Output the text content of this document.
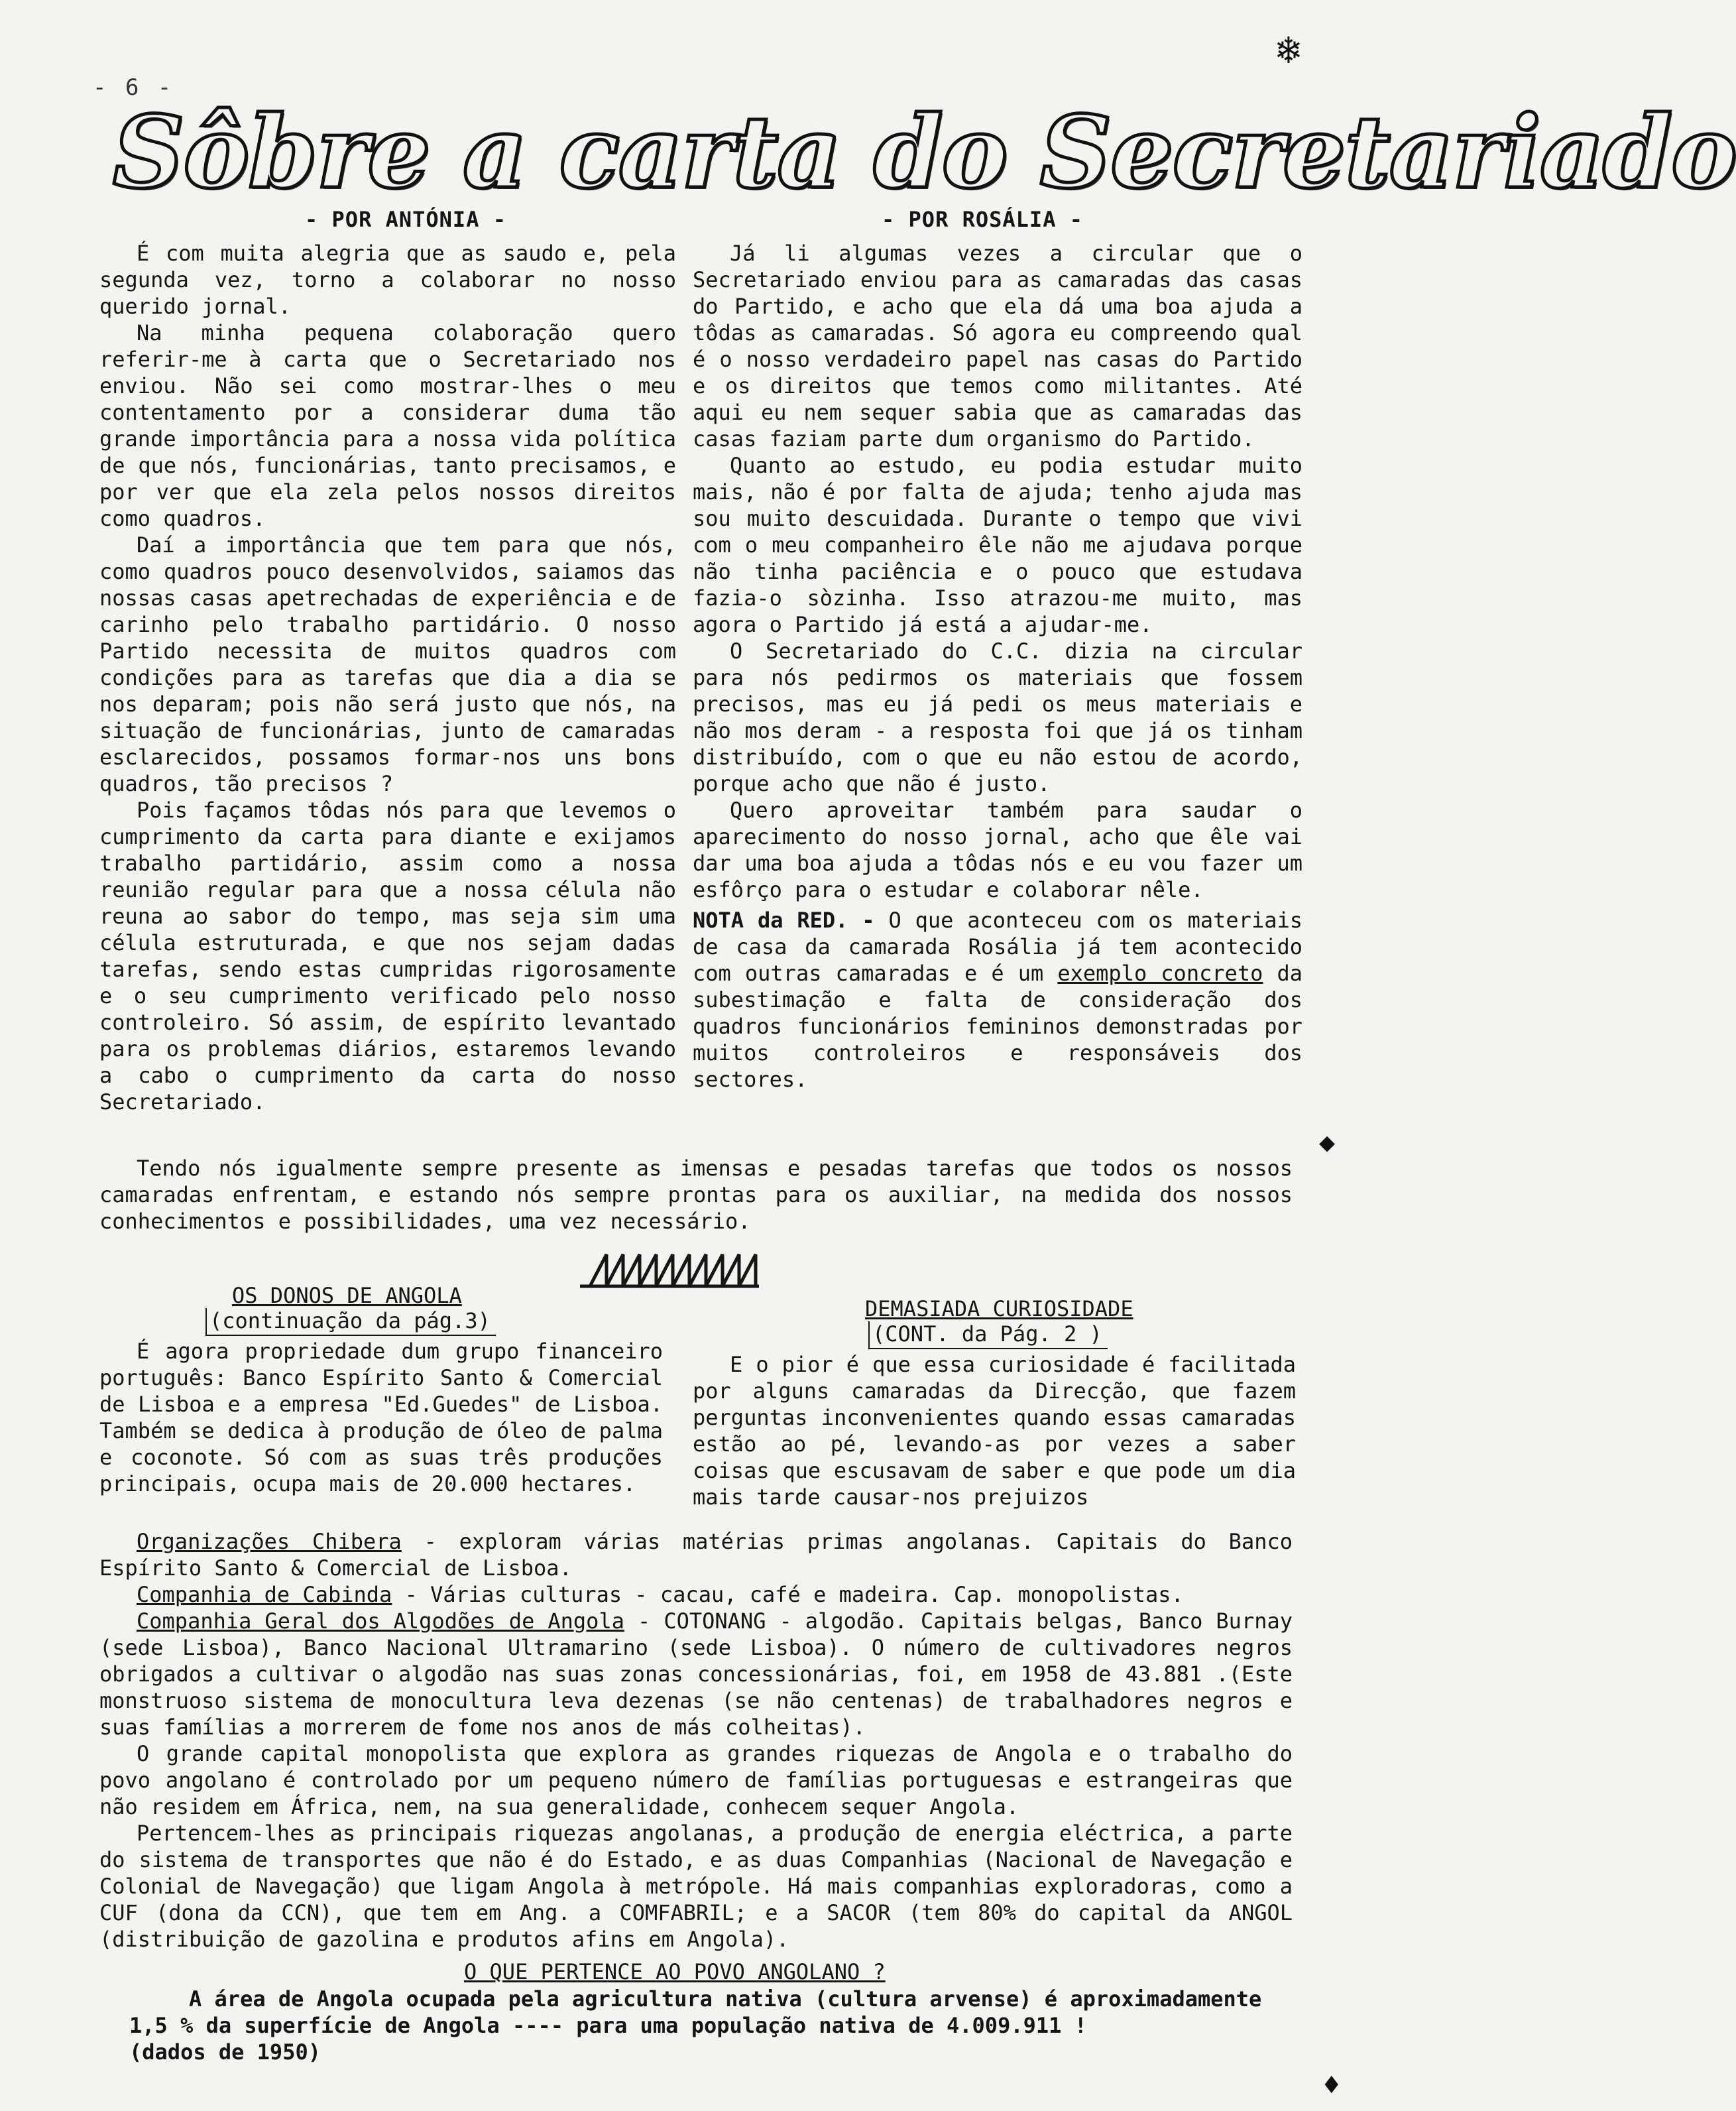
- 6 -
❄
♦
◆
Sôbre a carta do Secretariado
- POR ANTÓNIA -	- POR ROSÁLIA -

É com muita alegria que as saudo e, pela segunda vez, torno a colaborar no nosso querido jornal.

Na minha pequena colaboração quero referir-me à carta que o Secretariado nos enviou. Não sei como mostrar-lhes o meu contentamento por a considerar duma tão grande importância para a nossa vida política de que nós, funcionárias, tanto precisamos, e por ver que ela zela pelos nossos direitos como quadros.

Daí a importância que tem para que nós, como quadros pouco desenvolvidos, saiamos das nossas casas apetrechadas de experiência e de carinho pelo trabalho partidário. O nosso Partido necessita de muitos quadros com condições para as tarefas que dia a dia se nos deparam; pois não será justo que nós, na situação de funcionárias, junto de camaradas esclarecidos, possamos formar-nos uns bons quadros, tão precisos ?

Pois façamos tôdas nós para que levemos o cumprimento da carta para diante e exijamos trabalho partidário, assim como a nossa reunião regular para que a nossa célula não reuna ao sabor do tempo, mas seja sim uma célula estruturada, e que nos sejam dadas tarefas, sendo estas cumpridas rigorosamente e o seu cumprimento verificado pelo nosso controleiro. Só assim, de espírito levantado para os problemas diários, estaremos levando a cabo o cumprimento da carta do nosso Secretariado.

Já li algumas vezes a circular que o Secretariado enviou para as camaradas das casas do Partido, e acho que ela dá uma boa ajuda a tôdas as camaradas. Só agora eu compreendo qual é o nosso verdadeiro papel nas casas do Partido e os direitos que temos como militantes. Até aqui eu nem sequer sabia que as camaradas das casas faziam parte dum organismo do Partido.

Quanto ao estudo, eu podia estudar muito mais, não é por falta de ajuda; tenho ajuda mas sou muito descuidada. Durante o tempo que vivi com o meu companheiro êle não me ajudava porque não tinha paciência e o pouco que estudava fazia-o sòzinha. Isso atrazou-me muito, mas agora o Partido já está a ajudar-me.

O Secretariado do C.C. dizia na circular para nós pedirmos os materiais que fossem precisos, mas eu já pedi os meus materiais e não mos deram - a resposta foi que já os tinham distribuído, com o que eu não estou de acordo, porque acho que não é justo.

Quero aproveitar também para saudar o aparecimento do nosso jornal, acho que êle vai dar uma boa ajuda a tôdas nós e eu vou fazer um esfôrço para o estudar e colaborar nêle.

NOTA da RED. - O que aconteceu com os materiais de casa da camarada Rosália já tem acontecido com outras camaradas e é um exemplo concreto da subestimação e falta de consideração dos quadros funcionários femininos demonstradas por muitos controleiros e responsáveis dos sectores.

Tendo nós igualmente sempre presente as imensas e pesadas tarefas que todos os nossos camaradas enfrentam, e estando nós sempre prontas para os auxiliar, na medida dos nossos conhecimentos e possibilidades, uma vez necessário.

OS DONOS DE ANGOLA
(continuação da pág.3)

É agora propriedade dum grupo financeiro português: Banco Espírito Santo & Comercial de Lisboa e a empresa "Ed.Guedes" de Lisboa. Também se dedica à produção de óleo de palma e coconote. Só com as suas três produções principais, ocupa mais de 20.000 hectares.

DEMASIADA CURIOSIDADE
(CONT. da Pág. 2 )

E o pior é que essa curiosidade é facilitada por alguns camaradas da Direcção, que fazem perguntas inconvenientes quando essas camaradas estão ao pé, levando-as por vezes a saber coisas que escusavam de saber e que pode um dia mais tarde causar-nos prejuizos

Organizações Chibera - exploram várias matérias primas angolanas. Capitais do Banco Espírito Santo & Comercial de Lisboa.

Companhia de Cabinda - Várias culturas - cacau, café e madeira. Cap. monopolistas.

Companhia Geral dos Algodões de Angola - COTONANG - algodão. Capitais belgas, Banco Burnay (sede Lisboa), Banco Nacional Ultramarino (sede Lisboa). O número de cultivadores negros obrigados a cultivar o algodão nas suas zonas concessionárias, foi, em 1958 de 43.881 .(Este monstruoso sistema de monocultura leva dezenas (se não centenas) de trabalhadores negros e suas famílias a morrerem de fome nos anos de más colheitas).

O grande capital monopolista que explora as grandes riquezas de Angola e o trabalho do povo angolano é controlado por um pequeno número de famílias portuguesas e estrangeiras que não residem em África, nem, na sua generalidade, conhecem sequer Angola.

Pertencem-lhes as principais riquezas angolanas, a produção de energia eléctrica, a parte do sistema de transportes que não é do Estado, e as duas Companhias (Nacional de Navegação e Colonial de Navegação) que ligam Angola à metrópole. Há mais companhias exploradoras, como a CUF (dona da CCN), que tem em Ang. a COMFABRIL; e a SACOR (tem 80% do capital da ANGOL (distribuição de gazolina e produtos afins em Angola).

O QUE PERTENCE AO POVO ANGOLANO ?

A área de Angola ocupada pela agricultura nativa (cultura arvense) é aproximadamente 1,5 % da superfície de Angola ---- para uma população nativa de 4.009.911 !

(dados de 1950)
